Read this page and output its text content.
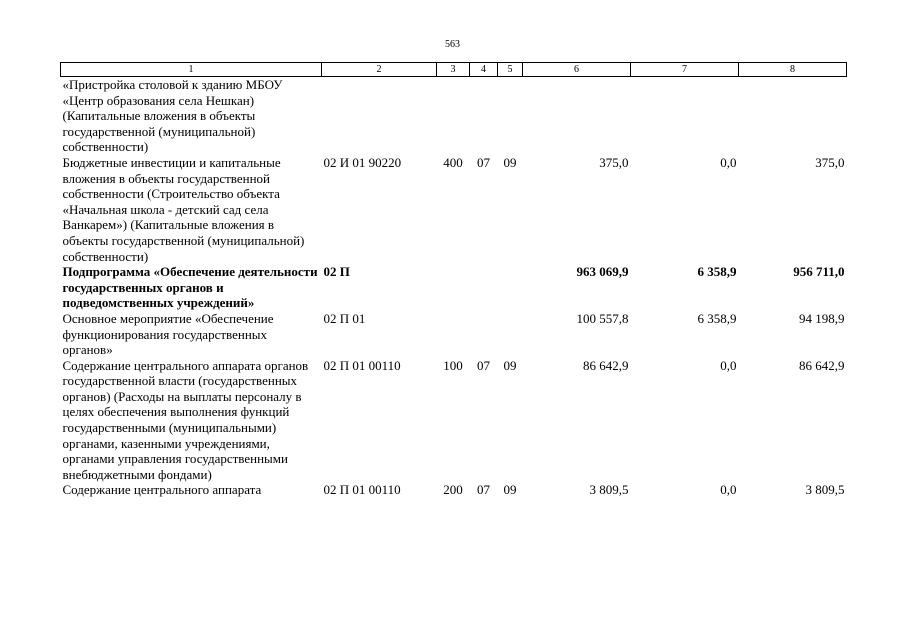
563
1	2	3	4	5	6	7	8
«Пристройка столовой к зданию МБОУ «Центр образования села Нешкан) (Капитальные вложения в объекты государственной (муниципальной) собственности)							
Бюджетные инвестиции и капитальные вложения в объекты государственной собственности (Строительство объекта «Начальная школа - детский сад села Ванкарем») (Капитальные вложения в объекты государственной (муниципальной) собственности)	02 И 01 90220	400	07	09	375,0	0,0	375,0
Подпрограмма «Обеспечение деятельности государственных органов и подведомственных учреждений»	02 П				963 069,9	6 358,9	956 711,0
Основное мероприятие «Обеспечение функционирования государственных органов»	02 П 01				100 557,8	6 358,9	94 198,9
Содержание центрального аппарата органов государственной власти (государственных органов) (Расходы на выплаты персоналу в целях обеспечения выполнения функций государственными (муниципальными) органами, казенными учреждениями, органами управления государственными внебюджетными фондами)	02 П 01 00110	100	07	09	86 642,9	0,0	86 642,9
Содержание центрального аппарата	02 П 01 00110	200	07	09	3 809,5	0,0	3 809,5
